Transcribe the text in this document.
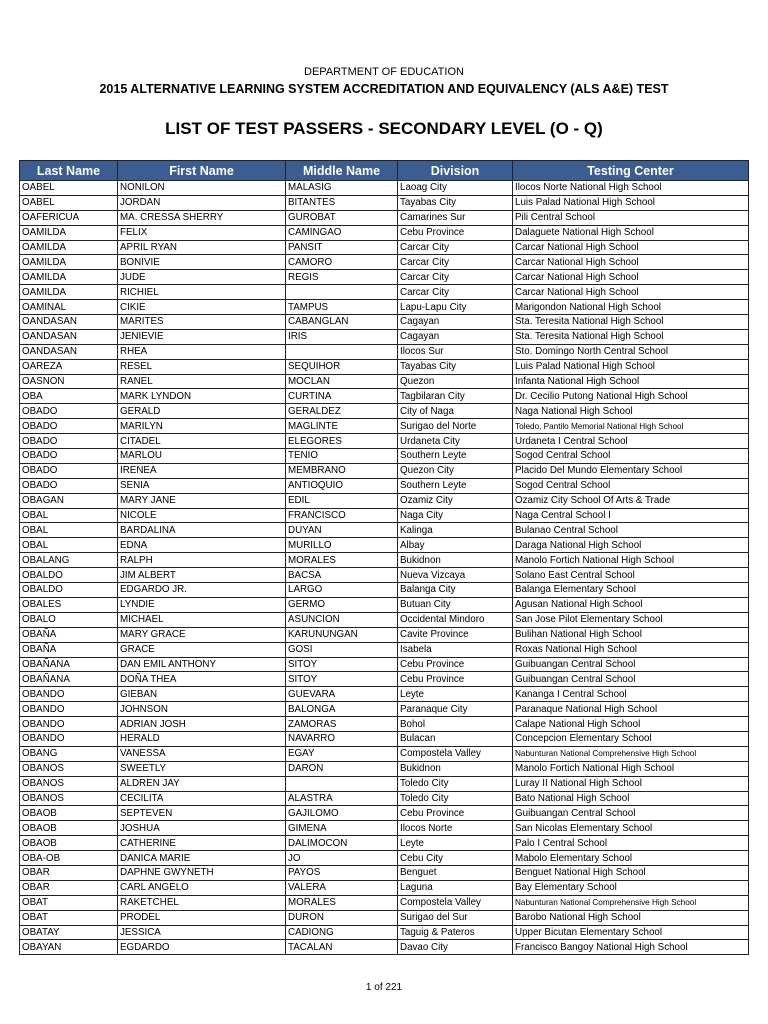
DEPARTMENT OF EDUCATION
2015 ALTERNATIVE LEARNING SYSTEM ACCREDITATION AND EQUIVALENCY (ALS A&E) TEST
LIST OF TEST PASSERS - SECONDARY LEVEL (O - Q)
Last Name	First Name	Middle Name	Division	Testing Center
OABEL	NONILON	MALASIG	Laoag City	Ilocos Norte National High School
OABEL	JORDAN	BITANTES	Tayabas City	Luis Palad National High School
OAFERICUA	MA. CRESSA SHERRY	GUROBAT	Camarines Sur	Pili Central School
OAMILDA	FELIX	CAMINGAO	Cebu Province	Dalaguete National High School
OAMILDA	APRIL RYAN	PANSIT	Carcar City	Carcar National High School
OAMILDA	BONIVIE	CAMORO	Carcar City	Carcar National High School
OAMILDA	JUDE	REGIS	Carcar City	Carcar National High School
OAMILDA	RICHIEL		Carcar City	Carcar National High School
OAMINAL	CIKIE	TAMPUS	Lapu-Lapu City	Marigondon National High School
OANDASAN	MARITES	CABANGLAN	Cagayan	Sta. Teresita National High School
OANDASAN	JENIEVIE	IRIS	Cagayan	Sta. Teresita National High School
OANDASAN	RHEA		Ilocos Sur	Sto. Domingo North Central School
OAREZA	RESEL	SEQUIHOR	Tayabas City	Luis Palad National High School
OASNON	RANEL	MOCLAN	Quezon	Infanta National High School
OBA	MARK LYNDON	CURTINA	Tagbilaran City	Dr. Cecilio Putong National High School
OBADO	GERALD	GERALDEZ	City of Naga	Naga National High School
OBADO	MARILYN	MAGLINTE	Surigao del Norte	Toledo, Pantilo Memorial National High School
OBADO	CITADEL	ELEGORES	Urdaneta City	Urdaneta I Central School
OBADO	MARLOU	TENIO	Southern Leyte	Sogod Central School
OBADO	IRENEA	MEMBRANO	Quezon City	Placido Del Mundo Elementary School
OBADO	SENIA	ANTIOQUIO	Southern Leyte	Sogod Central School
OBAGAN	MARY JANE	EDIL	Ozamiz City	Ozamiz City School Of Arts & Trade
OBAL	NICOLE	FRANCISCO	Naga City	Naga Central School I
OBAL	BARDALINA	DUYAN	Kalinga	Bulanao Central School
OBAL	EDNA	MURILLO	Albay	Daraga National High School
OBALANG	RALPH	MORALES	Bukidnon	Manolo Fortich National High School
OBALDO	JIM ALBERT	BACSA	Nueva Vizcaya	Solano East Central School
OBALDO	EDGARDO JR.	LARGO	Balanga City	Balanga Elementary School
OBALES	LYNDIE	GERMO	Butuan City	Agusan National High School
OBALO	MICHAEL	ASUNCION	Occidental Mindoro	San Jose Pilot Elementary School
OBAÑA	MARY GRACE	KARUNUNGAN	Cavite Province	Bulihan National High School
OBAÑA	GRACE	GOSI	Isabela	Roxas National High School
OBAÑANA	DAN EMIL ANTHONY	SITOY	Cebu Province	Guibuangan Central School
OBAÑANA	DOÑA THEA	SITOY	Cebu Province	Guibuangan Central School
OBANDO	GIEBAN	GUEVARA	Leyte	Kananga I Central School
OBANDO	JOHNSON	BALONGA	Paranaque City	Paranaque National High School
OBANDO	ADRIAN JOSH	ZAMORAS	Bohol	Calape National High School
OBANDO	HERALD	NAVARRO	Bulacan	Concepcion Elementary School
OBANG	VANESSA	EGAY	Compostela Valley	Nabunturan National Comprehensive High School
OBANOS	SWEETLY	DARON	Bukidnon	Manolo Fortich National High School
OBANOS	ALDREN JAY		Toledo City	Luray II National High School
OBANOS	CECILITA	ALASTRA	Toledo City	Bato National High School
OBAOB	SEPTEVEN	GAJILOMO	Cebu Province	Guibuangan Central School
OBAOB	JOSHUA	GIMENA	Ilocos Norte	San Nicolas Elementary School
OBAOB	CATHERINE	DALIMOCON	Leyte	Palo I Central School
OBA-OB	DANICA MARIE	JO	Cebu City	Mabolo Elementary School
OBAR	DAPHNE GWYNETH	PAYOS	Benguet	Benguet National High School
OBAR	CARL ANGELO	VALERA	Laguna	Bay Elementary School
OBAT	RAKETCHEL	MORALES	Compostela Valley	Nabunturan National Comprehensive High School
OBAT	PRODEL	DURON	Surigao del Sur	Barobo National High School
OBATAY	JESSICA	CADIONG	Taguig & Pateros	Upper Bicutan Elementary School
OBAYAN	EGDARDO	TACALAN	Davao City	Francisco Bangoy National High School
1 of 221
